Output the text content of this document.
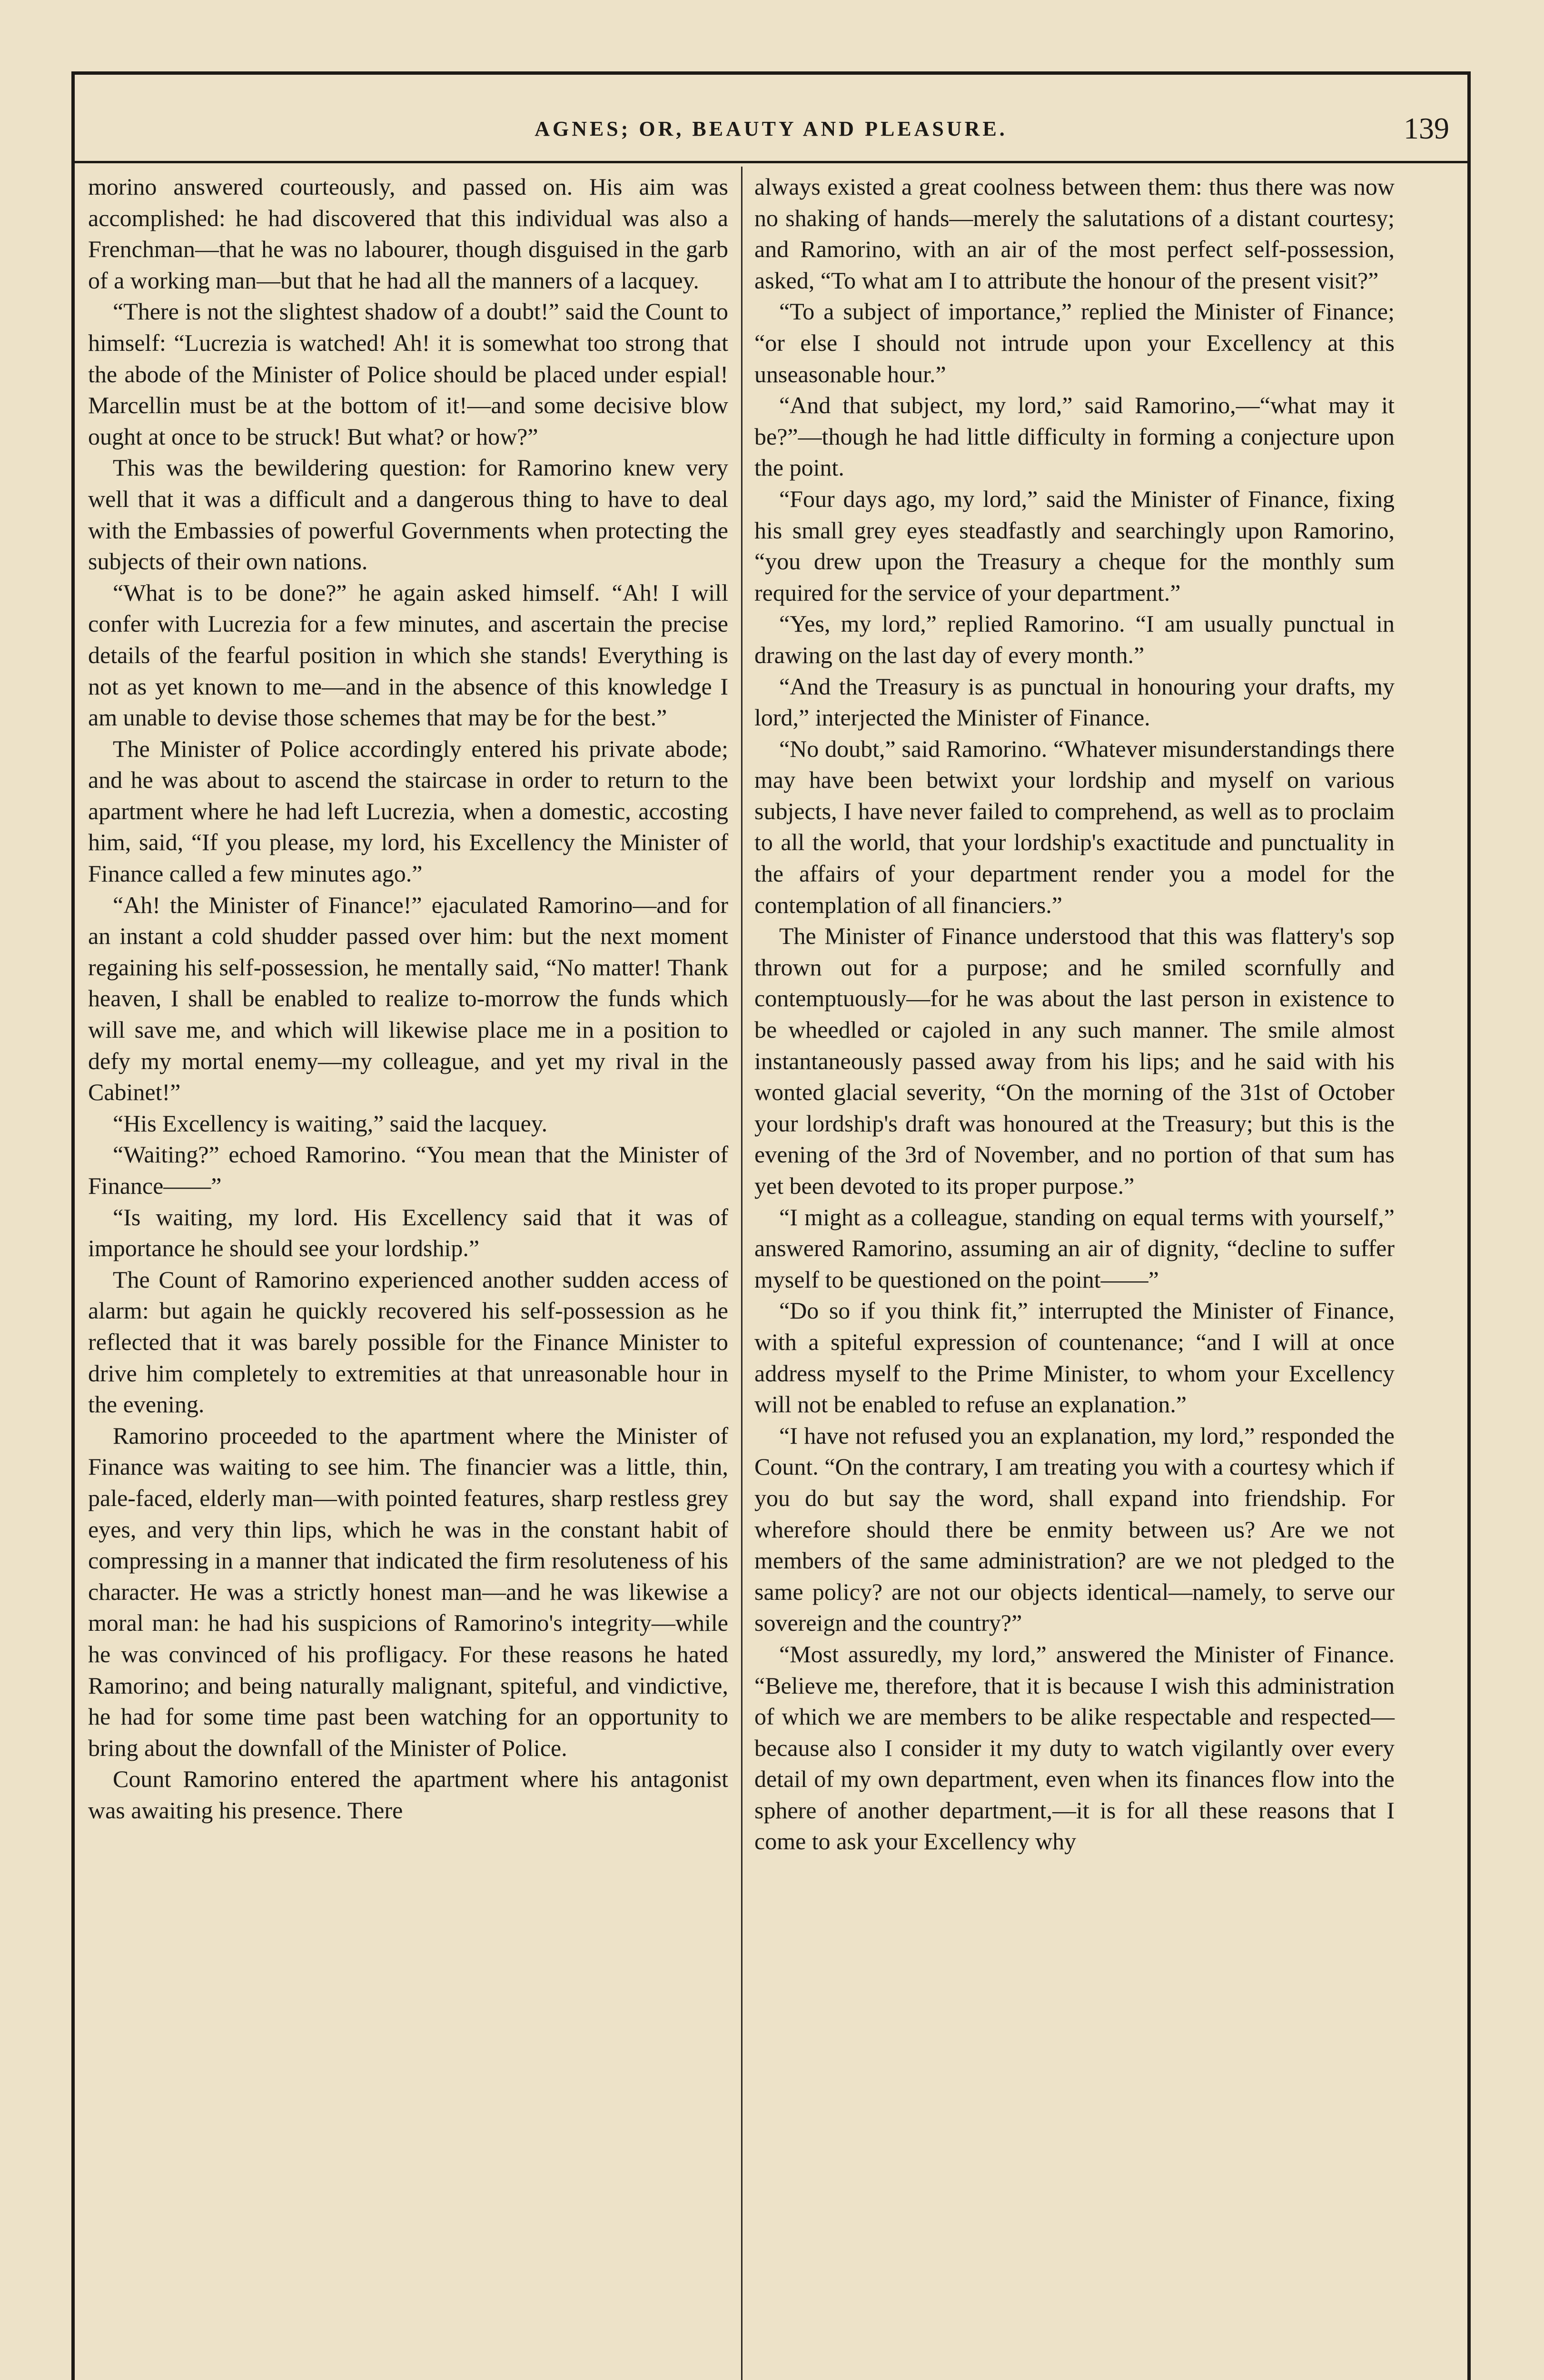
AGNES; OR, BEAUTY AND PLEASURE.	139

morino answered courteously, and passed on. His aim was accomplished: he had discovered that this individual was also a Frenchman—that he was no labourer, though disguised in the garb of a working man—but that he had all the manners of a lacquey.

“There is not the slightest shadow of a doubt!” said the Count to himself: “Lucrezia is watched! Ah! it is somewhat too strong that the abode of the Minister of Police should be placed under espial! Marcellin must be at the bottom of it!—and some decisive blow ought at once to be struck! But what? or how?”

This was the bewildering question: for Ramorino knew very well that it was a difficult and a dangerous thing to have to deal with the Embassies of powerful Governments when protecting the subjects of their own nations.

“What is to be done?” he again asked himself. “Ah! I will confer with Lucrezia for a few minutes, and ascertain the precise details of the fearful position in which she stands! Everything is not as yet known to me—and in the absence of this knowledge I am unable to devise those schemes that may be for the best.”

The Minister of Police accordingly entered his private abode; and he was about to ascend the staircase in order to return to the apartment where he had left Lucrezia, when a domestic, accosting him, said, “If you please, my lord, his Excellency the Minister of Finance called a few minutes ago.”

“Ah! the Minister of Finance!” ejaculated Ramorino—and for an instant a cold shudder passed over him: but the next moment regaining his self-possession, he mentally said, “No matter! Thank heaven, I shall be enabled to realize to-morrow the funds which will save me, and which will likewise place me in a position to defy my mortal enemy—my colleague, and yet my rival in the Cabinet!”

“His Excellency is waiting,” said the lacquey.

“Waiting?” echoed Ramorino. “You mean that the Minister of Finance——”

“Is waiting, my lord. His Excellency said that it was of importance he should see your lordship.”

The Count of Ramorino experienced another sudden access of alarm: but again he quickly recovered his self-possession as he reflected that it was barely possible for the Finance Minister to drive him completely to extremities at that unreasonable hour in the evening.

Ramorino proceeded to the apartment where the Minister of Finance was waiting to see him. The financier was a little, thin, pale-faced, elderly man—with pointed features, sharp restless grey eyes, and very thin lips, which he was in the constant habit of compressing in a manner that indicated the firm resoluteness of his character. He was a strictly honest man—and he was likewise a moral man: he had his suspicions of Ramorino's integrity—while he was convinced of his profligacy. For these reasons he hated Ramorino; and being naturally malignant, spiteful, and vindictive, he had for some time past been watching for an opportunity to bring about the downfall of the Minister of Police.

Count Ramorino entered the apartment where his antagonist was awaiting his presence. There

always existed a great coolness between them: thus there was now no shaking of hands—merely the salutations of a distant courtesy; and Ramorino, with an air of the most perfect self-possession, asked, “To what am I to attribute the honour of the present visit?”

“To a subject of importance,” replied the Minister of Finance; “or else I should not intrude upon your Excellency at this unseasonable hour.”

“And that subject, my lord,” said Ramorino,—“what may it be?”—though he had little difficulty in forming a conjecture upon the point.

“Four days ago, my lord,” said the Minister of Finance, fixing his small grey eyes steadfastly and searchingly upon Ramorino, “you drew upon the Treasury a cheque for the monthly sum required for the service of your department.”

“Yes, my lord,” replied Ramorino. “I am usually punctual in drawing on the last day of every month.”

“And the Treasury is as punctual in honouring your drafts, my lord,” interjected the Minister of Finance.

“No doubt,” said Ramorino. “Whatever misunderstandings there may have been betwixt your lordship and myself on various subjects, I have never failed to comprehend, as well as to proclaim to all the world, that your lordship's exactitude and punctuality in the affairs of your department render you a model for the contemplation of all financiers.”

The Minister of Finance understood that this was flattery's sop thrown out for a purpose; and he smiled scornfully and contemptuously—for he was about the last person in existence to be wheedled or cajoled in any such manner. The smile almost instantaneously passed away from his lips; and he said with his wonted glacial severity, “On the morning of the 31st of October your lordship's draft was honoured at the Treasury; but this is the evening of the 3rd of November, and no portion of that sum has yet been devoted to its proper purpose.”

“I might as a colleague, standing on equal terms with yourself,” answered Ramorino, assuming an air of dignity, “decline to suffer myself to be questioned on the point——”

“Do so if you think fit,” interrupted the Minister of Finance, with a spiteful expression of countenance; “and I will at once address myself to the Prime Minister, to whom your Excellency will not be enabled to refuse an explanation.”

“I have not refused you an explanation, my lord,” responded the Count. “On the contrary, I am treating you with a courtesy which if you do but say the word, shall expand into friendship. For wherefore should there be enmity between us? Are we not members of the same administration? are we not pledged to the same policy? are not our objects identical—namely, to serve our sovereign and the country?”

“Most assuredly, my lord,” answered the Minister of Finance. “Believe me, therefore, that it is because I wish this administration of which we are members to be alike respectable and respected—because also I consider it my duty to watch vigilantly over every detail of my own department, even when its finances flow into the sphere of another department,—it is for all these reasons that I come to ask your Excellency why
